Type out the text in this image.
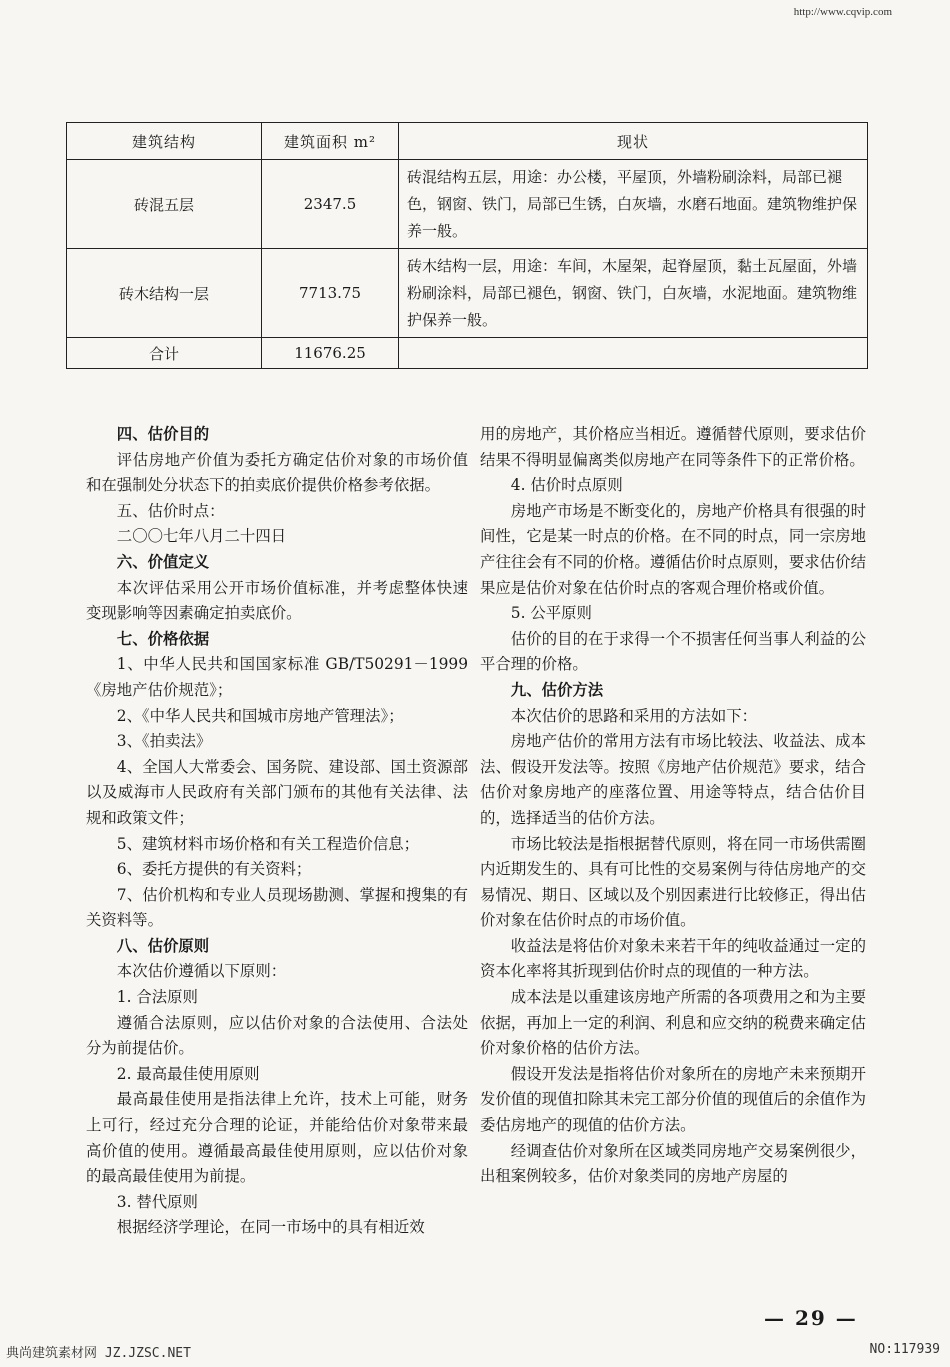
http://www.cqvip.com
建筑结构	建筑面积 m²	现状
砖混五层	2347.5	砖混结构五层，用途：办公楼，平屋顶，外墙粉刷涂料，局部已褪色，钢窗、铁门，局部已生锈，白灰墙，水磨石地面。建筑物维护保养一般。
砖木结构一层	7713.75	砖木结构一层，用途：车间，木屋架，起脊屋顶，黏土瓦屋面，外墙粉刷涂料，局部已褪色，钢窗、铁门，白灰墙，水泥地面。建筑物维护保养一般。
合计	11676.25	

四、估价目的

评估房地产价值为委托方确定估价对象的市场价值和在强制处分状态下的拍卖底价提供价格参考依据。

五、估价时点：

二〇〇七年八月二十四日

六、价值定义

本次评估采用公开市场价值标准，并考虑整体快速变现影响等因素确定拍卖底价。

七、价格依据

1、中华人民共和国国家标准 GB/T50291－1999《房地产估价规范》；

2、《中华人民共和国城市房地产管理法》；

3、《拍卖法》

4、全国人大常委会、国务院、建设部、国土资源部以及威海市人民政府有关部门颁布的其他有关法律、法规和政策文件；

5、建筑材料市场价格和有关工程造价信息；

6、委托方提供的有关资料；

7、估价机构和专业人员现场勘测、掌握和搜集的有关资料等。

八、估价原则

本次估价遵循以下原则：

1. 合法原则

遵循合法原则，应以估价对象的合法使用、合法处分为前提估价。

2. 最高最佳使用原则

最高最佳使用是指法律上允许，技术上可能，财务上可行，经过充分合理的论证，并能给估价对象带来最高价值的使用。遵循最高最佳使用原则，应以估价对象的最高最佳使用为前提。

3. 替代原则

根据经济学理论，在同一市场中的具有相近效

用的房地产，其价格应当相近。遵循替代原则，要求估价结果不得明显偏离类似房地产在同等条件下的正常价格。

4. 估价时点原则

房地产市场是不断变化的，房地产价格具有很强的时间性，它是某一时点的价格。在不同的时点，同一宗房地产往往会有不同的价格。遵循估价时点原则，要求估价结果应是估价对象在估价时点的客观合理价格或价值。

5. 公平原则

估价的目的在于求得一个不损害任何当事人利益的公平合理的价格。

九、估价方法

本次估价的思路和采用的方法如下：

房地产估价的常用方法有市场比较法、收益法、成本法、假设开发法等。按照《房地产估价规范》要求，结合估价对象房地产的座落位置、用途等特点，结合估价目的，选择适当的估价方法。

市场比较法是指根据替代原则，将在同一市场供需圈内近期发生的、具有可比性的交易案例与待估房地产的交易情况、期日、区域以及个别因素进行比较修正，得出估价对象在估价时点的市场价值。

收益法是将估价对象未来若干年的纯收益通过一定的资本化率将其折现到估价时点的现值的一种方法。

成本法是以重建该房地产所需的各项费用之和为主要依据，再加上一定的利润、利息和应交纳的税费来确定估价对象价格的估价方法。

假设开发法是指将估价对象所在的房地产未来预期开发价值的现值扣除其未完工部分价值的现值后的余值作为委估房地产的现值的估价方法。

经调查估价对象所在区域类同房地产交易案例很少，出租案例较多，估价对象类同的房地产房屋的

— 29 —
典尚建筑素材网 JZ.JZSC.NET	NO:117939
